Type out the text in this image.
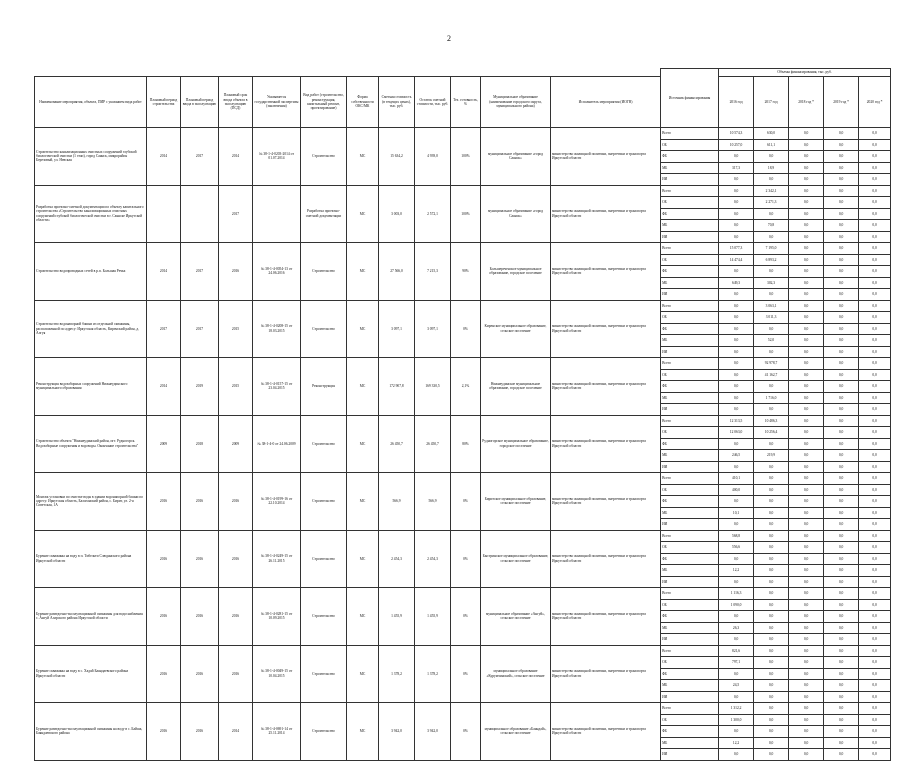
2
												Источник финансирования	Объемы финансирования, тыс. руб.				
Наименование мероприятия, объекта, ПИР с указанием вида работ	Плановый период строительства	Плановый период ввода в эксплуатацию	Плановый срок ввода объекта в эксплуатацию (ПСД)	Указывается государственной экспертизы (заключения)	Вид работ (строительство, реконструкция, капитальный ремонт, проектирование)	Форма собственности ОКС/МК	Сметная стоимость (в текущих ценах), тыс. руб.	Остаток сметной стоимости, тыс. руб.	Тех. готовность, %	Муниципальное образование (наименование городского округа, муниципального района)	Исполнитель мероприятия (ИОГВ)		2016 год	2017 год	2018 год *	2019 год *	2020 год *
Строительство канализационных очистных сооружений глубокой биологической очистки (1 этап), город Саянск, микрорайон Березовый, ул. Невская	2014	2017	2014	№ 38-1-4-0203-2014 от 01.07.2014	Строительство	МС	15 634,2	4 939,0	100%	муниципальное образование «город Саянск»	министерство жилищной политики, энергетики и транспорта Иркутской области	Всего	10 574,3	630,0	0,0	0,0	0,0
												ОБ	10 257,0	611,1	0,0	0,0	0,0
												ФБ	0,0	0,0	0,0	0,0	0,0
												МБ	317,3	18,9	0,0	0,0	0,0
												ИИ	0,0	0,0	0,0	0,0	0,0
Разработка проектно-сметной документации по объекту капитального строительства «Строительство канализационных очистных сооружений глубокой биологической очистки в г. Саянске Иркутской области»			2017		Разработка проектно-сметной документации	МС	3 003,0	2 572,1	100%	муниципальное образование «город Саянск»	министерство жилищной политики, энергетики и транспорта Иркутской области	Всего	0,0	2 342,1	0,0	0,0	0,0
												ОБ	0,0	2 271,3	0,0	0,0	0,0
												ФБ	0,0	0,0	0,0	0,0	0,0
												МБ	0,0	70,8	0,0	0,0	0,0
												ИИ	0,0	0,0	0,0	0,0	0,0
Строительство водопроводных сетей в р.п. Большая Речка	2014	2017	2016	№ 38-1-4-0054-13 от 24.06.2016	Строительство	МС	27 566,0	7 215,3	90%	Большереченское муниципальное образование, городское поселение	министерство жилищной политики, энергетики и транспорта Иркутской области	Всего	15 077,3	7 195,0	0,0	0,0	0,0
												ОБ	14 474,4	6 893,2	0,0	0,0	0,0
												ФБ	0,0	0,0	0,0	0,0	0,0
												МБ	649,3	302,3	0,0	0,0	0,0
												ИИ	0,0	0,0	0,0	0,0	0,0
Строительство водонапорной башни из отдельной скважины, расположенной по адресу: Иркутская область, Киренский район, д. Алгуя	2017	2017	2015	№ 38-1-4-0208-15 от 18.03.2015	Строительство	МС	3 097,1	3 097,1	0%	Киренское муниципальное образование, сельское поселение	министерство жилищной политики, энергетики и транспорта Иркутской области	Всего	0,0	3 063,1	0,0	0,0	0,0
												ОБ	0,0	3 011,3	0,0	0,0	0,0
												ФБ	0,0	0,0	0,0	0,0	0,0
												МБ	0,0	52,0	0,0	0,0	0,0
												ИИ	0,0	0,0	0,0	0,0	0,0
Реконструкция водозаборных сооружений Нижнеудинского муниципального образования	2014	2019	2015	№ 38-1-4-0157-15 от 23.04.2015	Реконструкция	МС	172 907,8	169 330,5	2,1%	Нижнеудинское муниципальное образование, городское поселение	министерство жилищной политики, энергетики и транспорта Иркутской области	Всего	0,0	92 978,7	0,0	0,0	0,0
												ОБ	0,0	41 162,7	0,0	0,0	0,0
												ФБ	0,0	0,0	0,0	0,0	0,0
												МБ	0,0	1 716,0	0,0	0,0	0,0
												ИИ	0,0	0,0	0,0	0,0	0,0
Строительство объекта "Нижнеудинский район, пгт. Рудногорск. Водозаборные сооружения и водоводы. Окончание строительства"	2009	2018	2009	№ 38-1-4-0 от 24.06.2009	Строительство	МС	26 450,7	26 450,7	80%	Рудногорское муниципальное образование, городское поселение	министерство жилищной политики, энергетики и транспорта Иркутской области	Всего	12 313,5	10 486,3	0,0	0,0	0,0
												ОБ	12 063,0	10 256,4	0,0	0,0	0,0
												ФБ	0,0	0,0	0,0	0,0	0,0
												МБ	246,5	219,9	0,0	0,0	0,0
												ИИ	0,0	0,0	0,0	0,0	0,0
Монтаж установки по очистке воды в здании водонапорной башни по адресу: Иркутская область, Балаганский район, с. Бирит, ул. 2-я Советская, 1А	2016	2016	2016	№ 38-1-4-0199-16 от 22.10.2014	Строительство	МС	566,9	566,9	0%	Биритское муниципальное образование, сельское поселение	министерство жилищной политики, энергетики и транспорта Иркутской области	Всего	410,1	0,0	0,0	0,0	0,0
												ОБ	400,0	0,0	0,0	0,0	0,0
												ФБ	0,0	0,0	0,0	0,0	0,0
												МБ	10,1	0,0	0,0	0,0	0,0
												ИИ	0,0	0,0	0,0	0,0	0,0
Бурение скважины на воду в п. Тибельти Слюдянского района Иркутской области	2016	2016	2016	№ 38-1-4-0249-15 от 26.11.2015	Строительство	МС	2 454,3	2 454,3	0%	Быстринское муниципальное образование, сельское поселение	министерство жилищной политики, энергетики и транспорта Иркутской области	Всего	568,8	0,0	0,0	0,0	0,0
												ОБ	556,6	0,0	0,0	0,0	0,0
												ФБ	0,0	0,0	0,0	0,0	0,0
												МБ	12,2	0,0	0,0	0,0	0,0
												ИИ	0,0	0,0	0,0	0,0	0,0
Бурение разведочно-эксплуатационной скважины для водоснабжения с. Ангуй Аларского района Иркутской области	2016	2016	2016	№ 38-1-4-0281-15 от 10.09.2015	Строительство	МС	1 455,9	1 455,9	0%	муниципальное образование «Ангуй», сельское поселение	министерство жилищной политики, энергетики и транспорта Иркутской области	Всего	1 116,3	0,0	0,0	0,0	0,0
												ОБ	1 090,0	0,0	0,0	0,0	0,0
												ФБ	0,0	0,0	0,0	0,0	0,0
												МБ	26,3	0,0	0,0	0,0	0,0
												ИИ	0,0	0,0	0,0	0,0	0,0
Бурение скважины на воду в с. Хадай Баяндаевского района Иркутской области	2016	2016	2016	№ 38-1-4-0049-15 от 10.04.2015	Строительство	МС	1 378,2	1 378,2	0%	муниципальное образование «Курумчинский», сельское поселение	министерство жилищной политики, энергетики и транспорта Иркутской области	Всего	821,6	0,0	0,0	0,0	0,0
												ОБ	797,1	0,0	0,0	0,0	0,0
												ФБ	0,0	0,0	0,0	0,0	0,0
												МБ	24,5	0,0	0,0	0,0	0,0
												ИИ	0,0	0,0	0,0	0,0	0,0
Бурение разведочно-эксплуатационной скважины на воду в с. Байша, Баяндаевского района	2016	2016	2014	№ 38-1-4-0691-14 от 25.11.2014	Строительство	МС	3 942,0	3 942,0	0%	муниципальное образование «Баяндай», сельское поселение	министерство жилищной политики, энергетики и транспорта Иркутской области	Всего	1 312,2	0,0	0,0	0,0	0,0
												ОБ	1 300,0	0,0	0,0	0,0	0,0
												ФБ	0,0	0,0	0,0	0,0	0,0
												МБ	12,2	0,0	0,0	0,0	0,0
												ИИ	0,0	0,0	0,0	0,0	0,0
